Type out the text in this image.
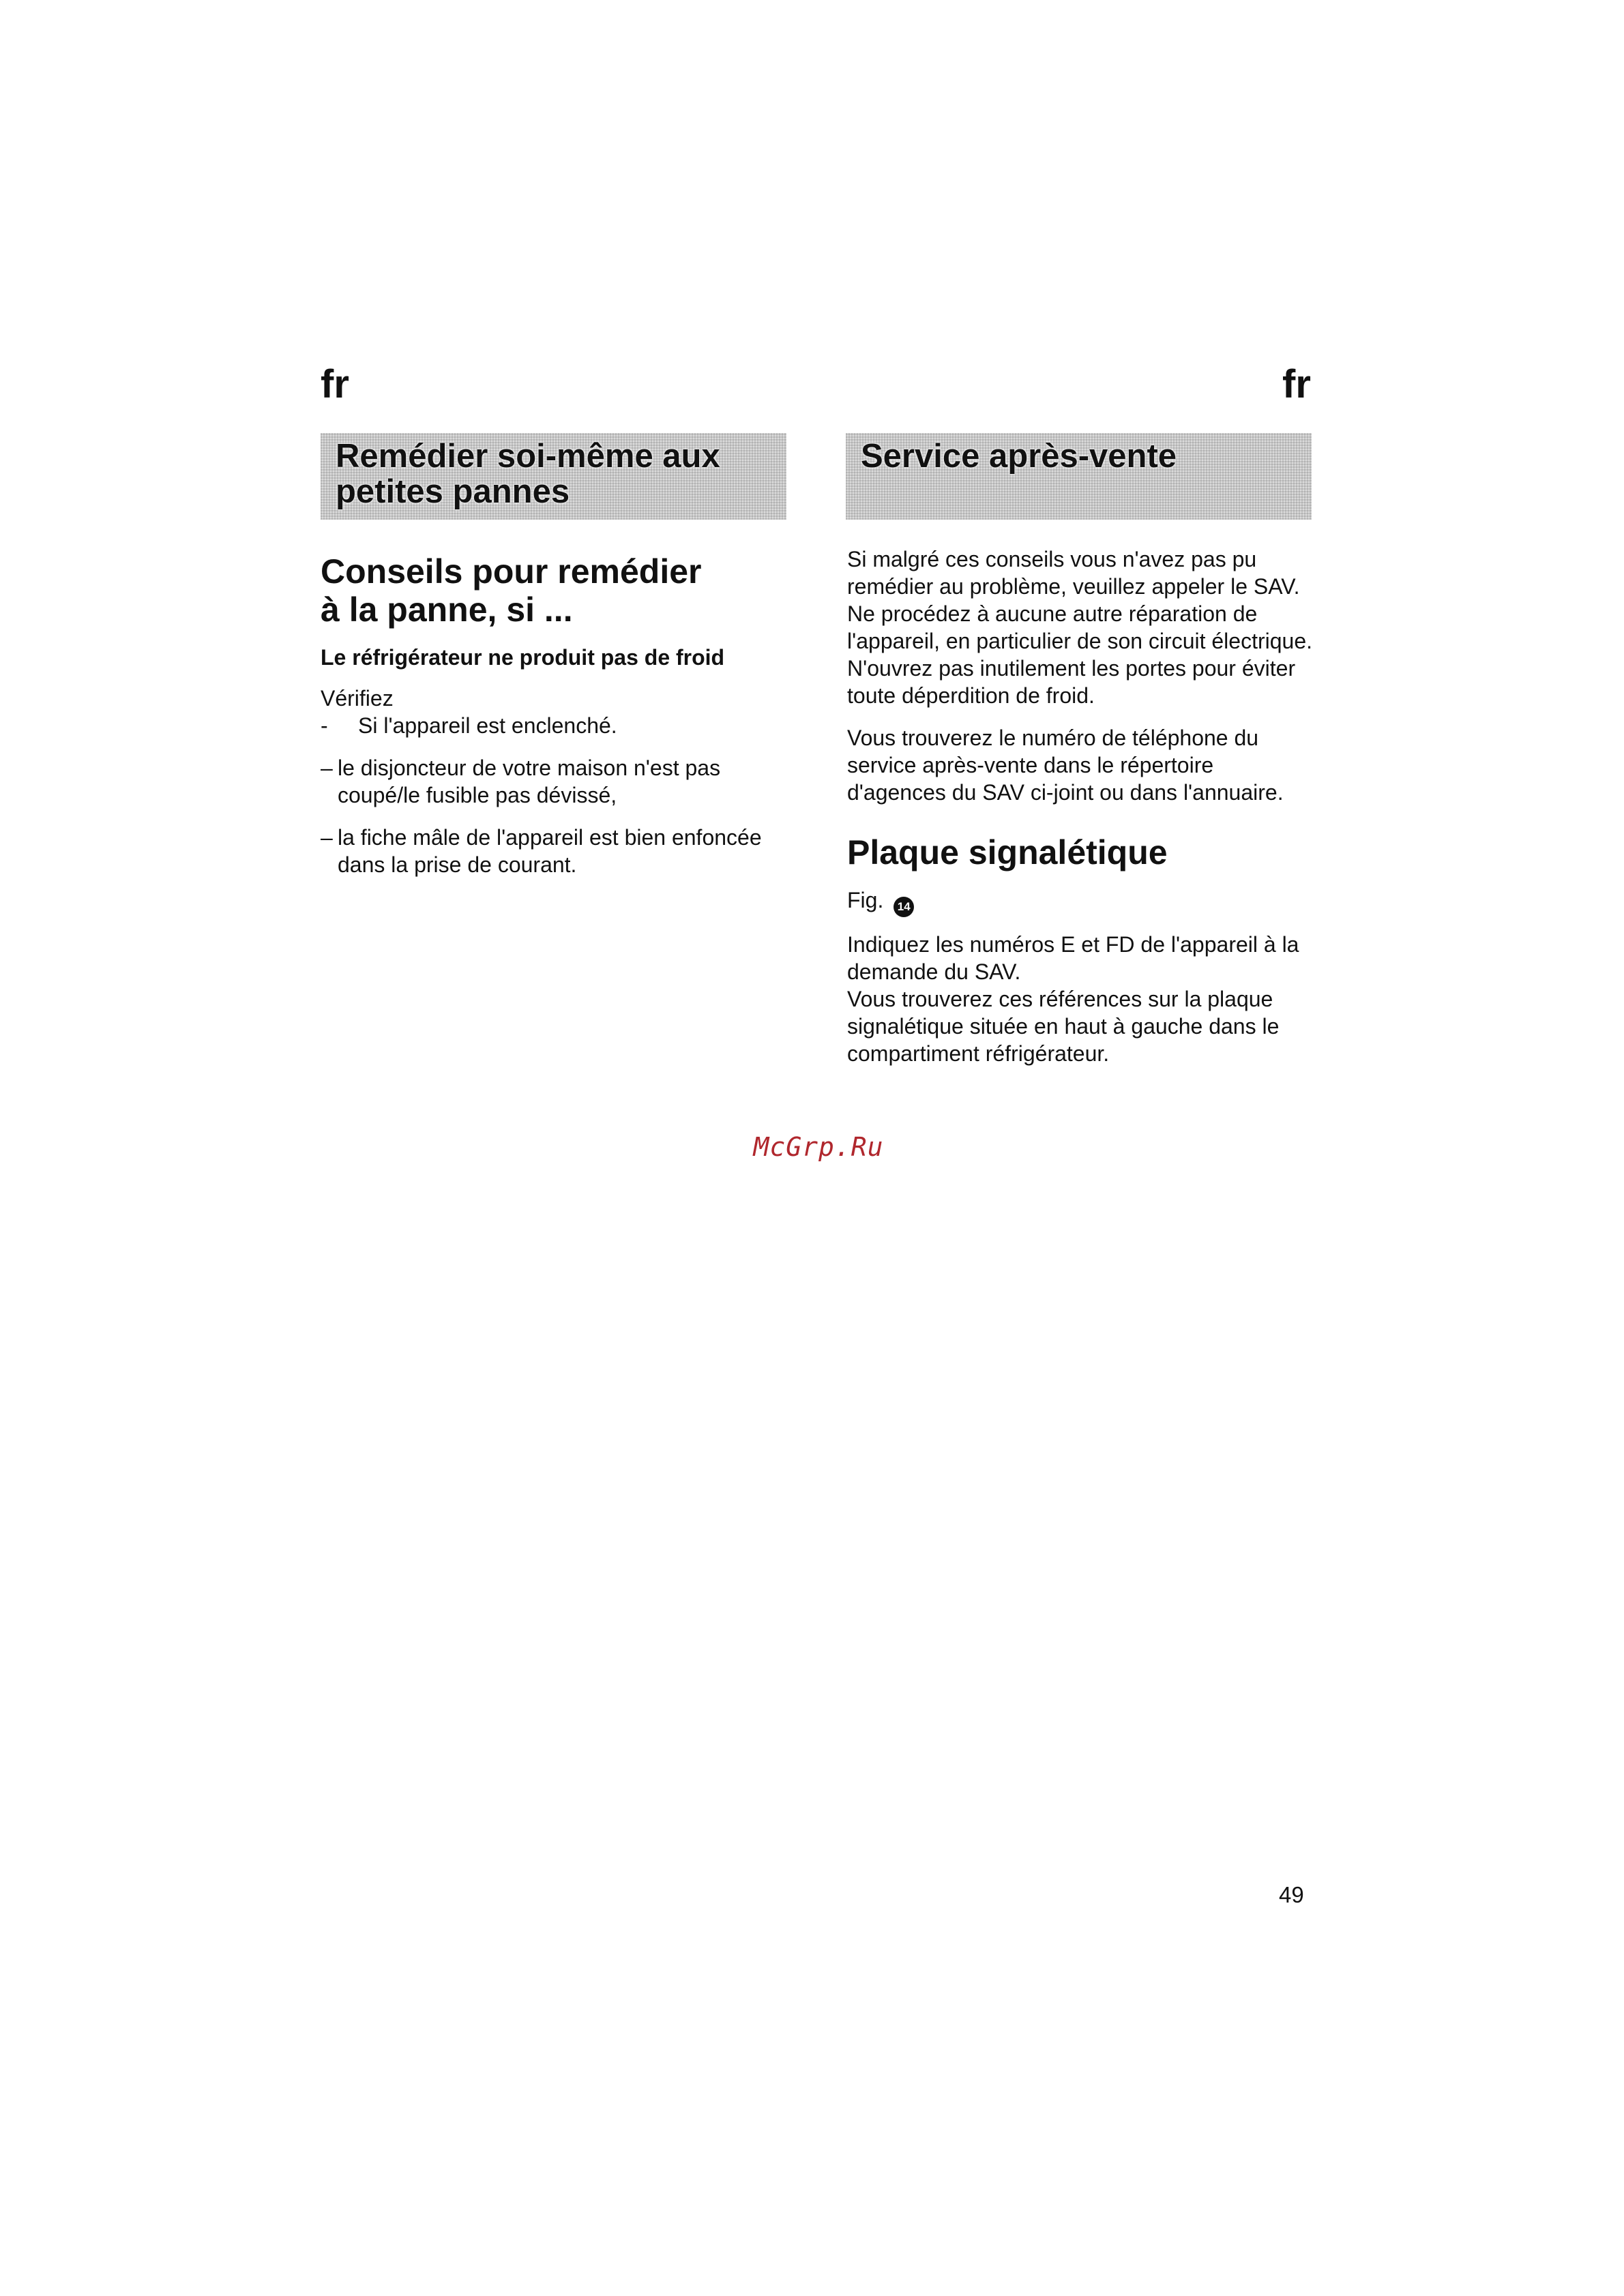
fr	fr
Remédier soi-même aux
petites pannes
Service après-vente
Conseils pour remédier
à la panne, si ...
Le réfrigérateur ne produit pas de froid
Vérifiez
- Si l'appareil est enclenché.
– le disjoncteur de votre maison n'est pas coupé/le fusible pas dévissé,
– la fiche mâle de l'appareil est bien enfoncée dans la prise de courant.
Si malgré ces conseils vous n'avez pas pu remédier au problème, veuillez appeler le SAV. Ne procédez à aucune autre réparation de l'appareil, en particulier de son circuit électrique. N'ouvrez pas inutilement les portes pour éviter toute déperdition de froid.
Vous trouverez le numéro de téléphone du service après-vente dans le répertoire d'agences du SAV ci-joint ou dans l'annuaire.
Plaque signalétique
Fig. 14
Indiquez les numéros E et FD de l'appareil à la demande du SAV.
Vous trouverez ces références sur la plaque signalétique située en haut à gauche dans le compartiment réfrigérateur.
McGrp.Ru
49
